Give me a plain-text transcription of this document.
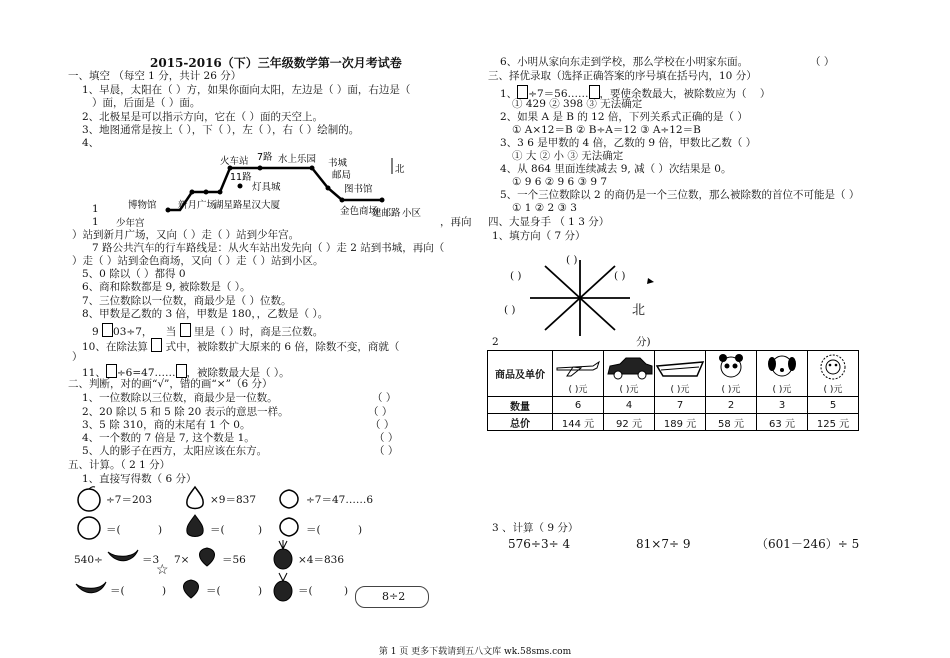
2015-2016（下）三年级数学第一次月考试卷
一、填空 （每空 1 分，共计 26 分）
1、早晨，太阳在（ ）方，如果你面向太阳，左边是（ ）面，右边是（
）面，后面是（ ）面。
2、北极星是可以指示方向，它在（ ）面的天空上。
3、地图通常是按上（ ），下（ ），左（ ），右（ ）绘制的。
4、
火车站 7路 水上乐园 书城
11路	邮局
灯具城	图书馆
博物馆 新月广场
湖星路 星汉大厦
金色商场
建邮路 小区
少年宫
北
1
1	，再向
）站到新月广场，又向（ ）走（ ）站到少年宫。
7 路公共汽车的行车路线是：从火车站出发先向（ ）走 2 站到书城，再向（
）走（ ）站到金色商场，又向（ ）走（ ）站到小区。
5、0 除以（ ）都得 0
6、商和除数都是 9, 被除数是（ ）。
7、三位数除以一位数，商最少是（ ）位数。
8、甲数是乙数的 3 倍，甲数是 180，，乙数是（ ）。
9 03÷7， 当 里是（ ）时，商是三位数。
10、在除法算 式中，被除数扩大原来的 6 倍，除数不变，商就（
）
11、 ÷6=47…… ，被除数最大是（ ）。
二、判断，对的画“√”，错的画“×”（6 分）
1、一位数除以三位数，商最少是一位数。	（ ）
2、20 除以 5 和 5 除 20 表示的意思一样。	（ ）
3、5 除 310，商的末尾有 1 个 0。	（ ）
4、一个数的 7 倍是 7, 这个数是 1。	（ ）
5、人的影子在西方，太阳应该在东方。	（ ）
五、计算。（ 2 1 分）
1、直接写得数（ 6 分）
÷7＝203	×9＝837	÷7＝47……6
＝(	)	＝(	)	＝(	)
540÷	＝3 7×	＝56	×4＝836
☆
＝(	)	＝(	)	＝(	)	8÷2
6、小明从家向东走到学校，那么学校在小明家东面。	（ ）
三、择优录取（选择正确答案的序号填在括号内，10 分）
1、 ÷7＝56…… ，要使余数最大，被除数应为（ ）
① 429 ② 398 ③ 无法确定
2、如果 A 是 B 的 12 倍，下列关系式正确的是（ ）
① A×12＝B ② B÷A＝12 ③ A÷12＝B
3、3 6 是甲数的 4 倍，乙数的 9 倍，甲数比乙数（ ）
① 大 ② 小 ③ 无法确定
4、从 864 里面连续减去 9, 减（ ）次结果是 0。
① 9 6 ② 9 6 ③ 9 7
5、一个三位数除以 2 的商仍是一个三位数，那么被除数的首位不可能是（ ）
① 1 ② 2 ③ 3
四、大显身手 （ 1 3 分）
1、填方向（ 7 分）
( )
( )	( )
( )	北
2	分)
商品及单价	( )元	( )元	( )元	( )元	( )元	( )元

数量	6	4	7	2	3	5
总价	144 元	92 元	189 元	58 元	63 元	125 元
3 、计算（ 9 分）
576÷3÷ 4	81×7÷ 9	（601－246）÷ 5
第 1 页 更多下载请到五八文库 wk.58sms.com
